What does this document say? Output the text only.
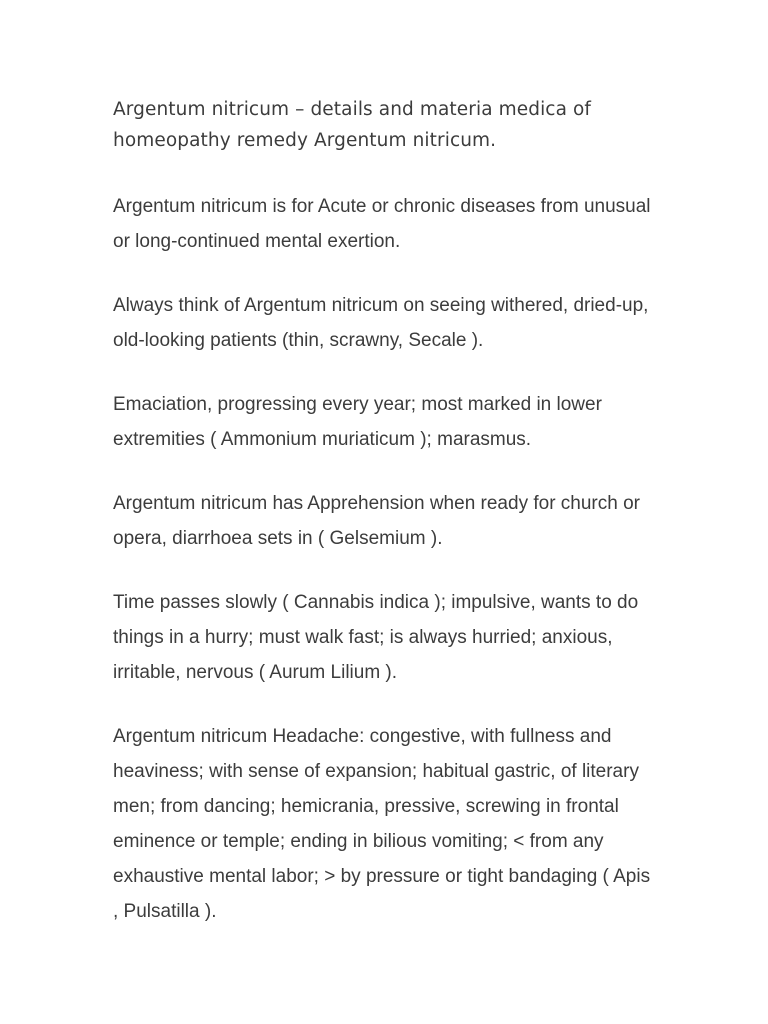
Argentum nitricum – details and materia medica of homeopathy remedy Argentum nitricum.

Argentum nitricum is for Acute or chronic diseases from unusual or long-continued mental exertion.

Always think of Argentum nitricum on seeing withered, dried-up, old-looking patients (thin, scrawny, Secale ).

Emaciation, progressing every year; most marked in lower extremities ( Ammonium muriaticum ); marasmus.

Argentum nitricum has Apprehension when ready for church or opera, diarrhoea sets in ( Gelsemium ).

Time passes slowly ( Cannabis indica ); impulsive, wants to do things in a hurry; must walk fast; is always hurried; anxious, irritable, nervous ( Aurum Lilium ).

Argentum nitricum Headache: congestive, with fullness and heaviness; with sense of expansion; habitual gastric, of literary men; from dancing; hemicrania, pressive, screwing in frontal eminence or temple; ending in bilious vomiting; < from any exhaustive mental labor; > by pressure or tight bandaging ( Apis , Pulsatilla ).
